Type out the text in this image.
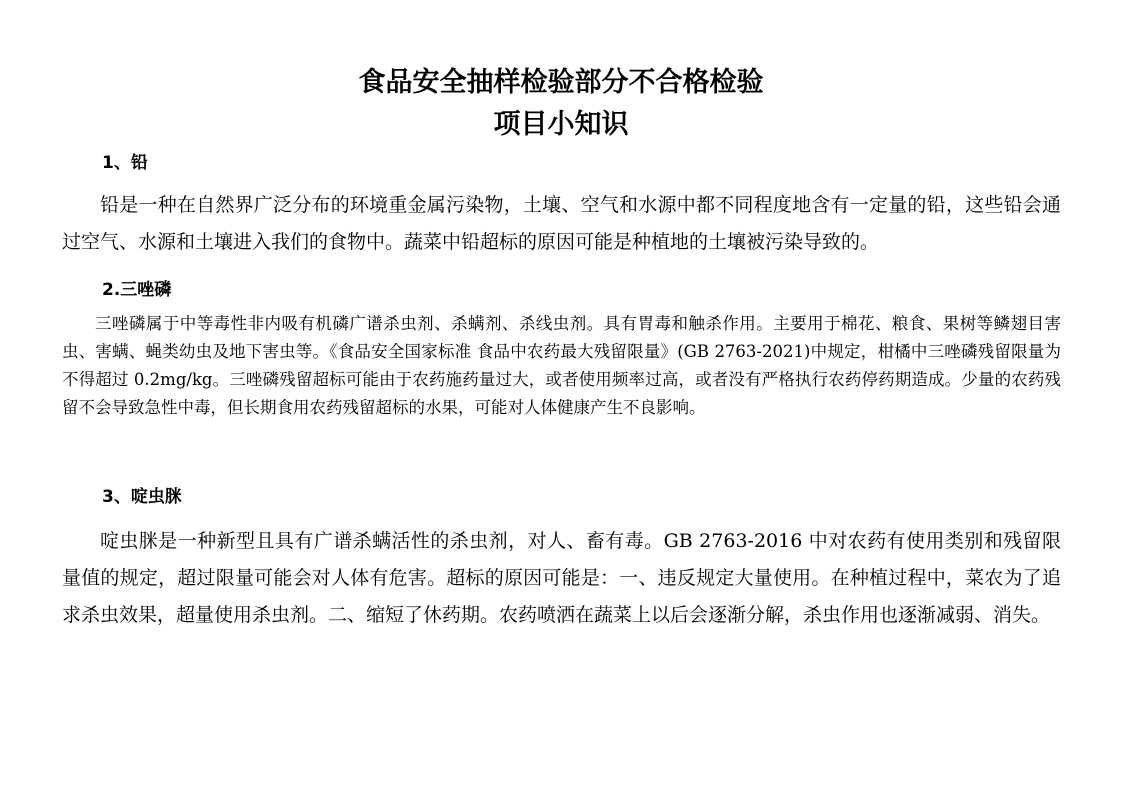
食品安全抽样检验部分不合格检验
项目小知识
1、铅

铅是一种在自然界广泛分布的环境重金属污染物，土壤、空气和水源中都不同程度地含有一定量的铅，这些铅会通过空气、水源和土壤进入我们的食物中。蔬菜中铅超标的原因可能是种植地的土壤被污染导致的。

2.三唑磷

三唑磷属于中等毒性非内吸有机磷广谱杀虫剂、杀螨剂、杀线虫剂。具有胃毒和触杀作用。主要用于棉花、粮食、果树等鳞翅目害虫、害螨、蝇类幼虫及地下害虫等。《食品安全国家标准 食品中农药最大残留限量》(GB 2763-2021)中规定，柑橘中三唑磷残留限量为不得超过 0.2mg/kg。三唑磷残留超标可能由于农药施药量过大，或者使用频率过高，或者没有严格执行农药停药期造成。少量的农药残留不会导致急性中毒，但长期食用农药残留超标的水果，可能对人体健康产生不良影响。

3、啶虫脒

啶虫脒是一种新型且具有广谱杀螨活性的杀虫剂，对人、畜有毒。GB 2763-2016 中对农药有使用类别和残留限量值的规定，超过限量可能会对人体有危害。超标的原因可能是：一、违反规定大量使用。在种植过程中，菜农为了追求杀虫效果，超量使用杀虫剂。二、缩短了休药期。农药喷洒在蔬菜上以后会逐渐分解，杀虫作用也逐渐减弱、消失。
